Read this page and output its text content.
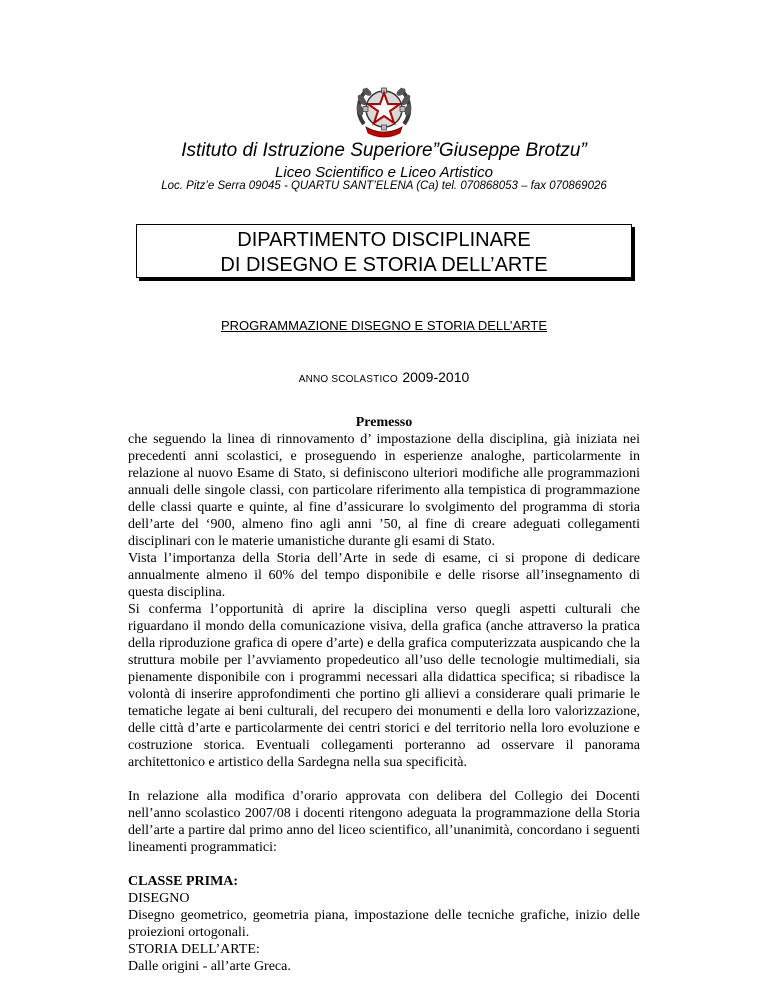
Istituto di Istruzione Superiore”Giuseppe Brotzu”
Liceo Scientifico e Liceo Artistico
Loc. Pitz’e Serra 09045 - QUARTU SANT’ELENA (Ca) tel. 070868053 – fax 070869026
DIPARTIMENTO DISCIPLINARE
DI DISEGNO E STORIA DELL’ARTE
PROGRAMMAZIONE DISEGNO E STORIA DELL’ARTE
ANNO SCOLASTICO 2009-2010

Premesso

che seguendo la linea di rinnovamento d’ impostazione della disciplina, già iniziata nei precedenti anni scolastici, e proseguendo in esperienze analoghe, particolarmente in relazione al nuovo Esame di Stato, si definiscono ulteriori modifiche alle programmazioni annuali delle singole classi, con particolare riferimento alla tempistica di programmazione delle classi quarte e quinte, al fine d’assicurare lo svolgimento del programma di storia dell’arte del ‘900, almeno fino agli anni ’50, al fine di creare adeguati collegamenti disciplinari con le materie umanistiche durante gli esami di Stato.

Vista l’importanza della Storia dell’Arte in sede di esame, ci si propone di dedicare annualmente almeno il 60% del tempo disponibile e delle risorse all’insegnamento di questa disciplina.

Si conferma l’opportunità di aprire la disciplina verso quegli aspetti culturali che riguardano il mondo della comunicazione visiva, della grafica (anche attraverso la pratica della riproduzione grafica di opere d’arte) e della grafica computerizzata auspicando che la struttura mobile per l’avviamento propedeutico all’uso delle tecnologie multimediali, sia pienamente disponibile con i programmi necessari alla didattica specifica; si ribadisce la volontà di inserire approfondimenti che portino gli allievi a considerare quali primarie le tematiche legate ai beni culturali, del recupero dei monumenti e della loro valorizzazione, delle città d’arte e particolarmente dei centri storici e del territorio nella loro evoluzione e costruzione storica. Eventuali collegamenti porteranno ad osservare il panorama architettonico e artistico della Sardegna nella sua specificità.

In relazione alla modifica d’orario approvata con delibera del Collegio dei Docenti nell’anno scolastico 2007/08 i docenti ritengono adeguata la programmazione della Storia dell’arte a partire dal primo anno del liceo scientifico, all’unanimità, concordano i seguenti lineamenti programmatici:

CLASSE PRIMA:

DISEGNO

Disegno geometrico, geometria piana, impostazione delle tecniche grafiche, inizio delle proiezioni ortogonali.

STORIA DELL’ARTE:

Dalle origini - all’arte Greca.
